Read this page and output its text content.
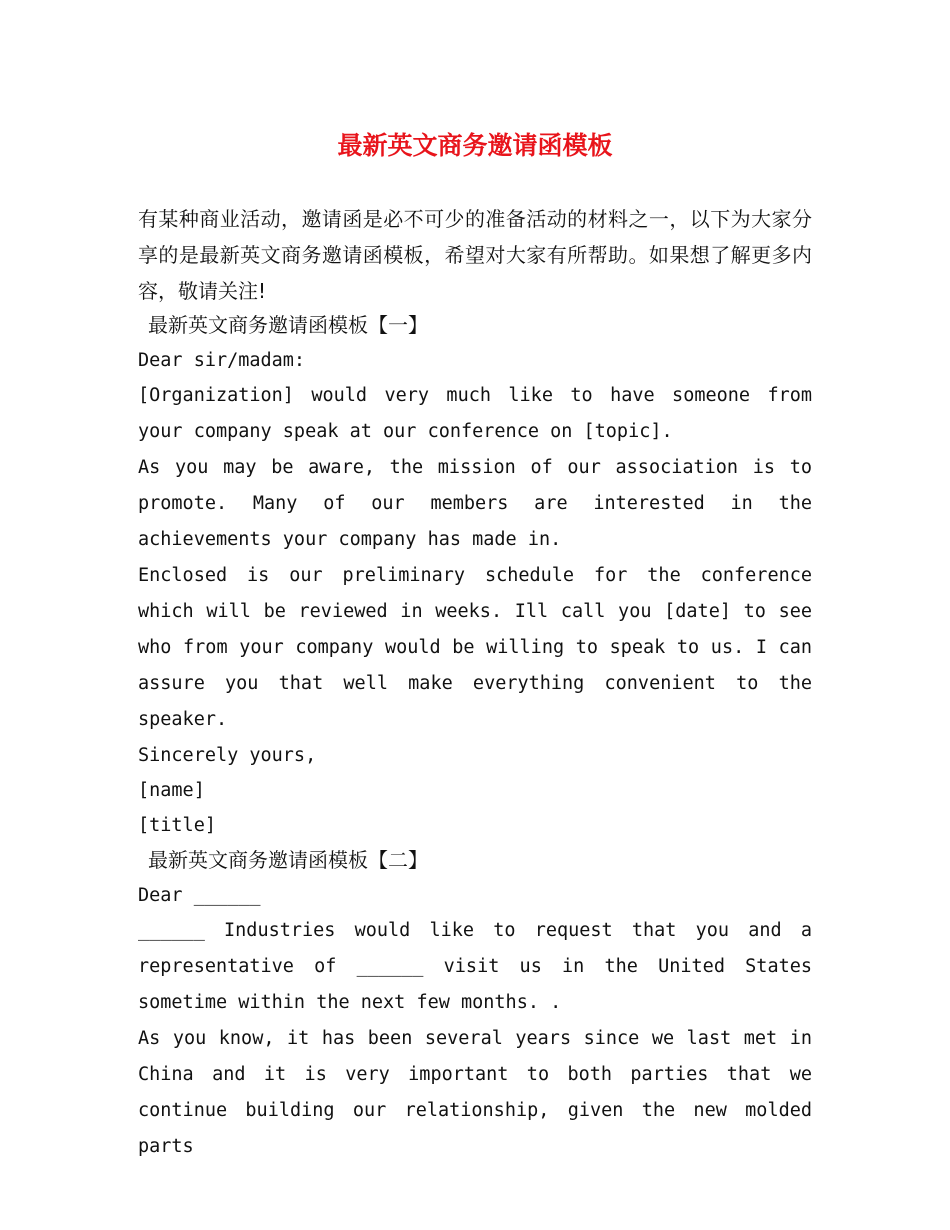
最新英文商务邀请函模板

有某种商业活动，邀请函是必不可少的准备活动的材料之一，以下为大家分享的是最新英文商务邀请函模板，希望对大家有所帮助。如果想了解更多内容，敬请关注!

最新英文商务邀请函模板【一】

Dear sir/madam:

[Organization] would very much like to have someone from your company speak at our conference on [topic].

As you may be aware, the mission of our association is to promote. Many of our members are interested in the achievements your company has made in.

Enclosed is our preliminary schedule for the conference which will be reviewed in weeks. Ill call you [date] to see who from your company would be willing to speak to us. I can assure you that well make everything convenient to the speaker.

Sincerely yours,

[name]

[title]

最新英文商务邀请函模板【二】

Dear ______

______ Industries would like to request that you and a representative of ______ visit us in the United States sometime within the next few months. .

As you know, it has been several years since we last met in China and it is very important to both parties that we continue building our relationship, given the new molded parts
